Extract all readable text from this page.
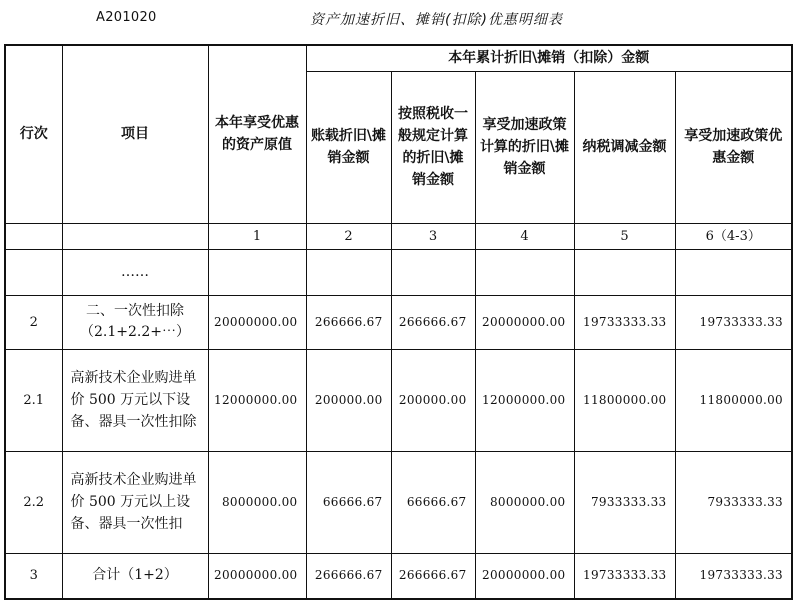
A201020	资产加速折旧、摊销(扣除)优惠明细表
行次	项目	本年享受优惠的资产原值	本年累计折旧\摊销（扣除）金额				
			账载折旧\摊销金额	按照税收一般规定计算的折旧\摊销金额	享受加速政策计算的折旧\摊销金额	纳税调减金额	享受加速政策优惠金额
		1	2	3	4	5	6（4-3）
	……						
2	二、一次性扣除（2.1+2.2+⋯）	20000000.00	266666.67	266666.67	20000000.00	19733333.33	19733333.33
2.1	高新技术企业购进单价 500 万元以下设备、器具一次性扣除	12000000.00	200000.00	200000.00	12000000.00	11800000.00	11800000.00
2.2	高新技术企业购进单价 500 万元以上设备、器具一次性扣	8000000.00	66666.67	66666.67	8000000.00	7933333.33	7933333.33
3	合计（1+2）	20000000.00	266666.67	266666.67	20000000.00	19733333.33	19733333.33
